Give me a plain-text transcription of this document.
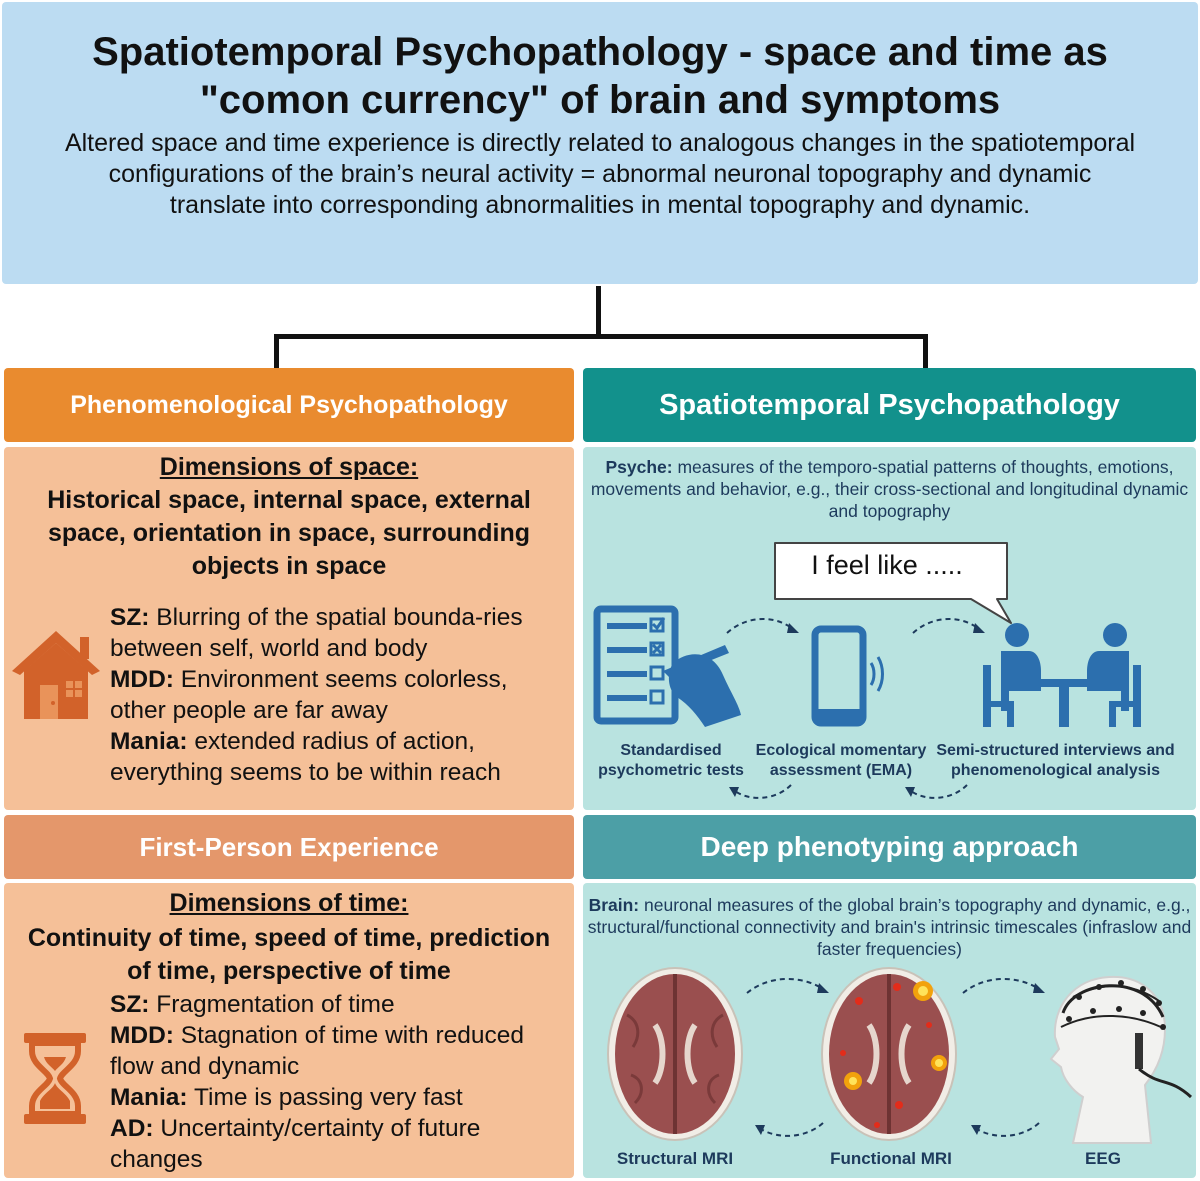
Spatiotemporal Psychopathology - space and time as "comon currency" of brain and symptoms
Altered space and time experience is directly related to analogous changes in the spatiotemporal configurations of the brain’s neural activity = abnormal neuronal topography and dynamic translate into corresponding abnormalities in mental topography and dynamic.
Phenomenological Psychopathology	Spatiotemporal Psychopathology
First-Person Experience	Deep phenotyping approach
Dimensions of space:
Historical space, internal space, external space, orientation in space, surrounding objects in space
SZ: Blurring of the spatial bounda-ries between self, world and body
MDD: Environment seems colorless, other people are far away
Mania: extended radius of action, everything seems to be within reach
Dimensions of time:
Continuity of time, speed of time, prediction of time, perspective of time
SZ: Fragmentation of time
MDD: Stagnation of time with reduced flow and dynamic
Mania: Time is passing very fast
AD: Uncertainty/certainty of future changes
Psyche: measures of the temporo-spatial patterns of thoughts, emotions, movements and behavior, e.g., their cross-sectional and longitudinal dynamic and topography
I feel like .....
Standardised psychometric tests
Ecological momentary assessment (EMA)
Semi-structured interviews and phenomenological analysis
Brain: neuronal measures of the global brain’s topography and dynamic, e.g., structural/functional connectivity and brain's intrinsic timescales (infraslow and faster frequencies)
Structural MRI	Functional MRI	EEG
